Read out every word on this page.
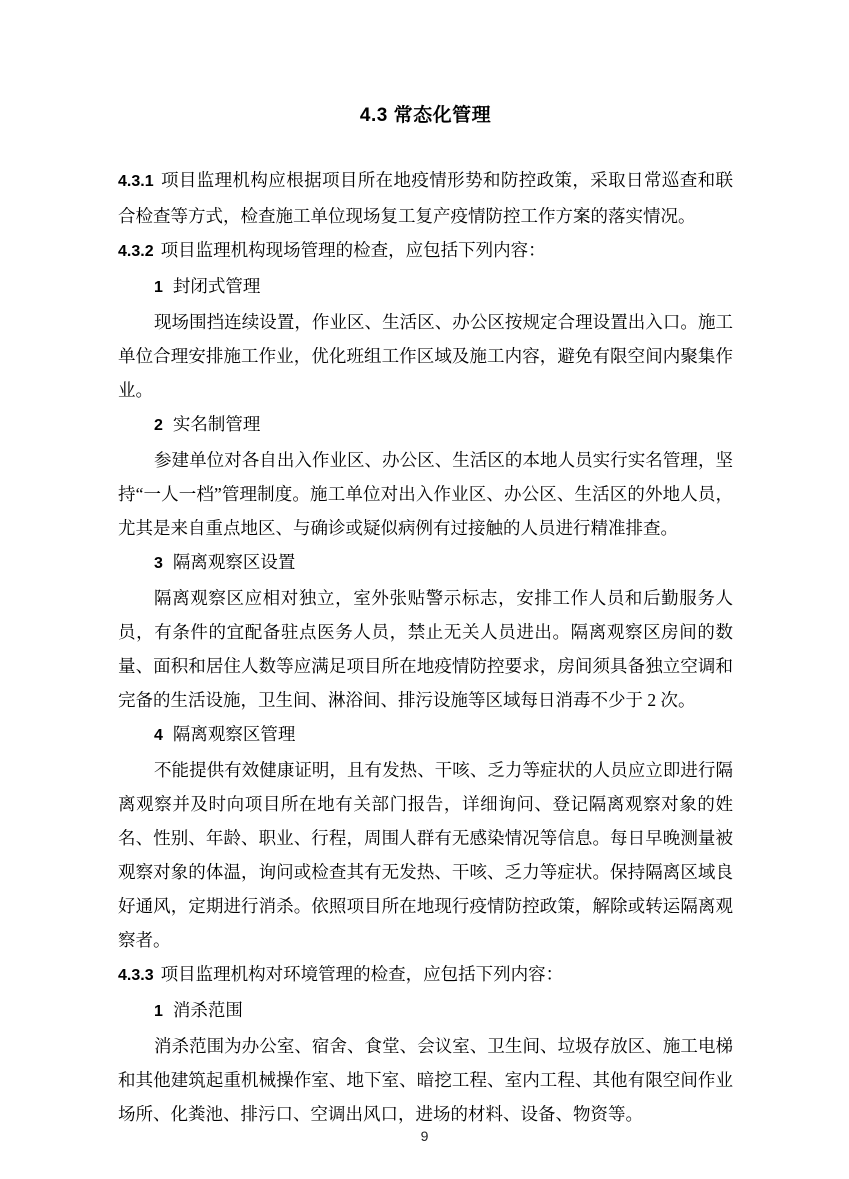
4.3 常态化管理

4.3.1 项目监理机构应根据项目所在地疫情形势和防控政策，采取日常巡查和联合检查等方式，检查施工单位现场复工复产疫情防控工作方案的落实情况。

4.3.2 项目监理机构现场管理的检查，应包括下列内容：

1 封闭式管理

现场围挡连续设置，作业区、生活区、办公区按规定合理设置出入口。施工单位合理安排施工作业，优化班组工作区域及施工内容，避免有限空间内聚集作业。

2 实名制管理

参建单位对各自出入作业区、办公区、生活区的本地人员实行实名管理，坚持“一人一档”管理制度。施工单位对出入作业区、办公区、生活区的外地人员，尤其是来自重点地区、与确诊或疑似病例有过接触的人员进行精准排查。

3 隔离观察区设置

隔离观察区应相对独立，室外张贴警示标志，安排工作人员和后勤服务人员，有条件的宜配备驻点医务人员，禁止无关人员进出。隔离观察区房间的数量、面积和居住人数等应满足项目所在地疫情防控要求，房间须具备独立空调和完备的生活设施，卫生间、淋浴间、排污设施等区域每日消毒不少于 2 次。

4 隔离观察区管理

不能提供有效健康证明，且有发热、干咳、乏力等症状的人员应立即进行隔离观察并及时向项目所在地有关部门报告，详细询问、登记隔离观察对象的姓名、性别、年龄、职业、行程，周围人群有无感染情况等信息。每日早晚测量被观察对象的体温，询问或检查其有无发热、干咳、乏力等症状。保持隔离区域良好通风，定期进行消杀。依照项目所在地现行疫情防控政策，解除或转运隔离观察者。

4.3.3 项目监理机构对环境管理的检查，应包括下列内容：

1 消杀范围

消杀范围为办公室、宿舍、食堂、会议室、卫生间、垃圾存放区、施工电梯和其他建筑起重机械操作室、地下室、暗挖工程、室内工程、其他有限空间作业场所、化粪池、排污口、空调出风口，进场的材料、设备、物资等。

9
